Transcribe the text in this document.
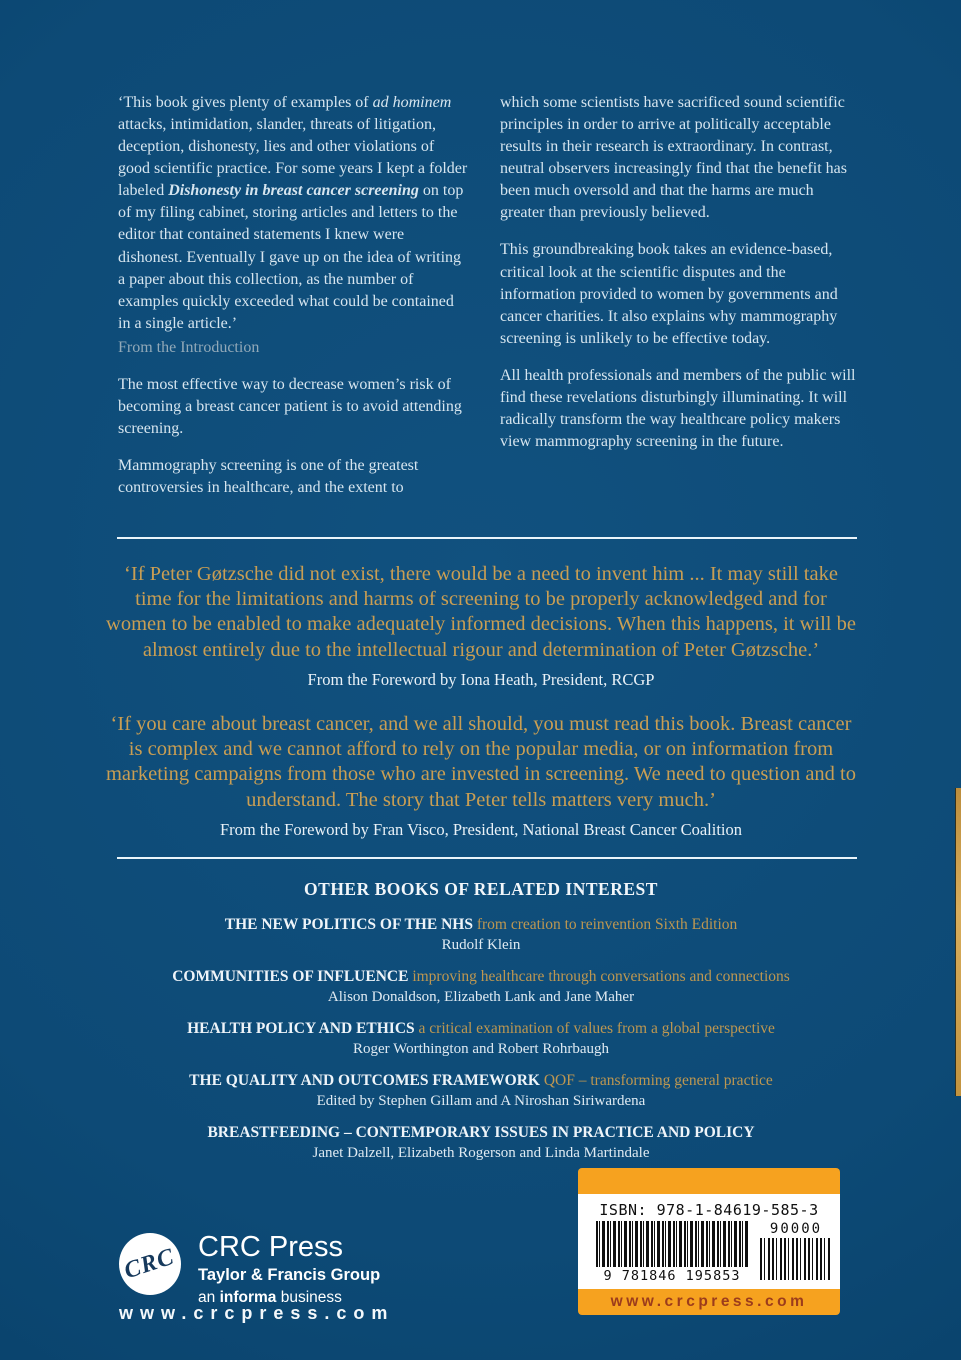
‘This book gives plenty of examples of ad hominem attacks, intimidation, slander, threats of litigation, deception, dishonesty, lies and other violations of good scientific practice. For some years I kept a folder labeled Dishonesty in breast cancer screening on top of my filing cabinet, storing articles and letters to the editor that contained statements I knew were dishonest. Eventually I gave up on the idea of writing a paper about this collection, as the number of examples quickly exceeded what could be contained in a single article.’

From the Introduction

The most effective way to decrease women’s risk of becoming a breast cancer patient is to avoid attending screening.

Mammography screening is one of the greatest controversies in healthcare, and the extent to

which some scientists have sacrificed sound scientific principles in order to arrive at politically acceptable results in their research is extraordinary. In contrast, neutral observers increasingly find that the benefit has been much oversold and that the harms are much greater than previously believed.

This groundbreaking book takes an evidence-based, critical look at the scientific disputes and the information provided to women by governments and cancer charities. It also explains why mammography screening is unlikely to be effective today.

All health professionals and members of the public will find these revelations disturbingly illuminating. It will radically transform the way healthcare policy makers view mammography screening in the future.

‘If Peter Gøtzsche did not exist, there would be a need to invent him ... It may still take time for the limitations and harms of screening to be properly acknowledged and for women to be enabled to make adequately informed decisions. When this happens, it will be almost entirely due to the intellectual rigour and determination of Peter Gøtzsche.’

From the Foreword by Iona Heath, President, RCGP

‘If you care about breast cancer, and we all should, you must read this book. Breast cancer is complex and we cannot afford to rely on the popular media, or on information from marketing campaigns from those who are invested in screening. We need to question and to understand. The story that Peter tells matters very much.’

From the Foreword by Fran Visco, President, National Breast Cancer Coalition

OTHER BOOKS OF RELATED INTEREST

THE NEW POLITICS OF THE NHS from creation to reinvention Sixth Edition

Rudolf Klein

COMMUNITIES OF INFLUENCE improving healthcare through conversations and connections

Alison Donaldson, Elizabeth Lank and Jane Maher

HEALTH POLICY AND ETHICS a critical examination of values from a global perspective

Roger Worthington and Robert Rohrbaugh

THE QUALITY AND OUTCOMES FRAMEWORK QOF – transforming general practice

Edited by Stephen Gillam and A Niroshan Siriwardena

BREASTFEEDING – CONTEMPORARY ISSUES IN PRACTICE AND POLICY

Janet Dalzell, Elizabeth Rogerson and Linda Martindale

CRC CRC Press

Taylor & Francis Group

an informa business

www.crcpress.com

ISBN: 978-1-84619-585-3

9 781846 195853

90000

www.crcpress.com
